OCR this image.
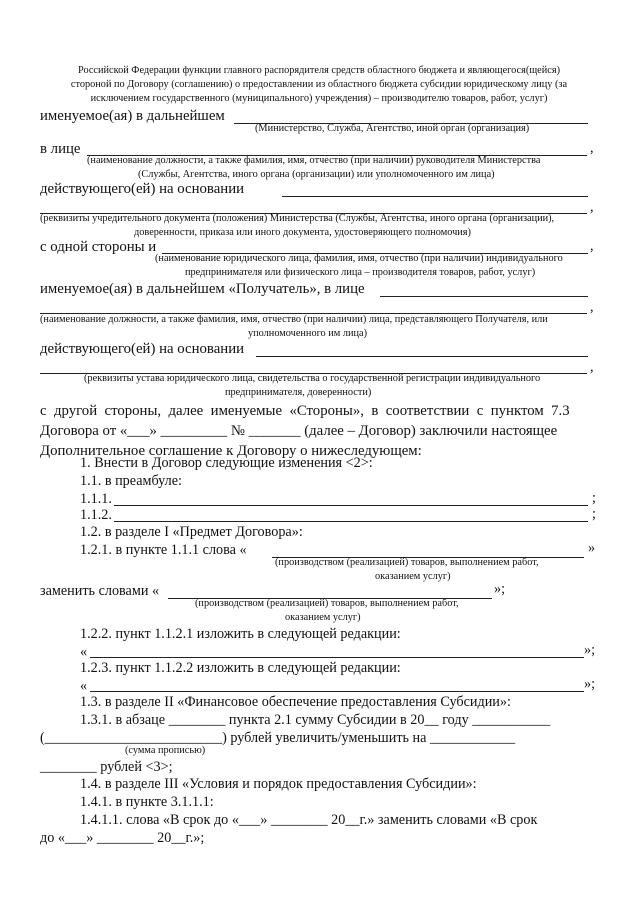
Российской Федерации функции главного распорядителя средств областного бюджета и являющегося(щейся)
стороной по Договору (соглашению) о предоставлении из областного бюджета субсидии юридическому лицу (за
исключением государственного (муниципального) учреждения) – производителю товаров, работ, услуг)
именуемое(ая) в дальнейшем
(Министерство, Служба, Агентство, иной орган (организация)
в лице	,
(наименование должности, а также фамилия, имя, отчество (при наличии) руководителя Министерства
(Службы, Агентства, иного органа (организации) или уполномоченного им лица)
действующего(ей) на основании
,
(реквизиты учредительного документа (положения) Министерства (Службы, Агентства, иного органа (организации),
доверенности, приказа или иного документа, удостоверяющего полномочия)
с одной стороны и	,
(наименование юридического лица, фамилия, имя, отчество (при наличии) индивидуального
предпринимателя или физического лица – производителя товаров, работ, услуг)
именуемое(ая) в дальнейшем «Получатель», в лице
,
(наименование должности, а также фамилия, имя, отчество (при наличии) лица, представляющего Получателя, или
уполномоченного им лица)
действующего(ей) на основании
,
(реквизиты устава юридического лица, свидетельства о государственной регистрации индивидуального
предпринимателя, доверенности)
с  другой  стороны,  далее  именуемые  «Стороны»,  в  соответствии  с  пунктом  7.3
Договора от «___» _________ № _______ (далее – Договор) заключили настоящее
Дополнительное соглашение к Договору о нижеследующем:
1. Внести в Договор следующие изменения <2>:
1.1. в преамбуле:
1.1.1.	;
1.1.2.	;
1.2. в разделе I «Предмет Договора»:
1.2.1. в пункте 1.1.1 слова «	»
(производством (реализацией) товаров, выполнением работ,
оказанием услуг)
заменить словами «	»;
(производством (реализацией) товаров, выполнением работ,
оказанием услуг)
1.2.2. пункт 1.1.2.1 изложить в следующей редакции:
«	»;
1.2.3. пункт 1.1.2.2 изложить в следующей редакции:
«	»;
1.3. в разделе II «Финансовое обеспечение предоставления Субсидии»:
1.3.1. в абзаце ________ пункта 2.1 сумму Субсидии в 20__ году ___________
(_________________________) рублей увеличить/уменьшить на ____________
(сумма прописью)
________ рублей <3>;
1.4. в разделе III «Условия и порядок предоставления Субсидии»:
1.4.1. в пункте 3.1.1.1:
1.4.1.1. слова «В срок до «___» ________ 20__г.» заменить словами «В срок
до «___» ________ 20__г.»;
